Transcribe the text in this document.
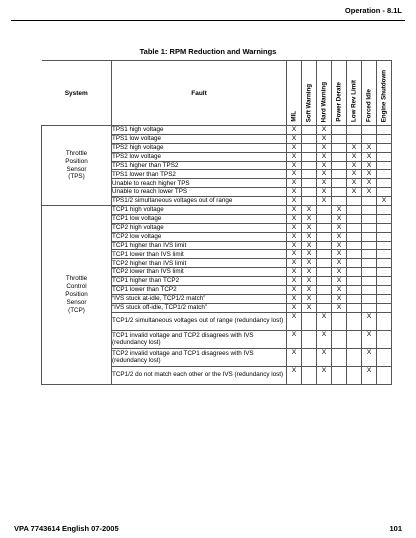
Operation - 8.1L
Table 1: RPM Reduction and Warnings
System	Fault	MIL	Soft Warning	Hard Warning	Power Derate	Low Rev Limit	Forced Idle	Engine Shutdown

Throttle
Position
Sensor
(TPS)	TPS1 high voltage	X		X				
	TPS1 low voltage	X		X				
	TPS2 high voltage	X		X		X	X	
	TPS2 low voltage	X		X		X	X	
	TPS1 higher than TPS2	X		X		X	X	
	TPS1 lower than TPS2	X		X		X	X	
	Unable to reach higher TPS	X		X		X	X	
	Unable to reach lower TPS	X		X		X	X	
	TPS1/2 simultaneous voltages out of range	X		X				X

Throttle
Control
Position
Sensor
(TCP)	TCP1 high voltage	X	X		X			
	TCP1 low voltage	X	X		X			
	TCP2 high voltage	X	X		X			
	TCP2 low voltage	X	X		X			
	TCP1 higher than IVS limit	X	X		X			
	TCP1 lower than IVS limit	X	X		X			
	TCP2 higher than IVS limit	X	X		X			
	TCP2 lower than IVS limit	X	X		X			
	TCP1 higher than TCP2	X	X		X			
	TCP1 lower than TCP2	X	X		X			
	“IVS stuck at-idle, TCP1/2 match”	X	X		X			
	“IVS stuck off-idle, TCP1/2 match”	X	X		X			
	TCP1/2 simultaneous voltages out of range (redundancy lost)	X		X			X	
	TCP1 invalid voltage and TCP2 disagrees with IVS (redundancy lost)	X		X			X	
	TCP2 invalid voltage and TCP1 disagrees with IVS (redundancy lost)	X		X			X	
	TCP1/2 do not match each other or the IVS (redundancy lost)	X		X			X	
VPA 7743614 English 07-2005	101
